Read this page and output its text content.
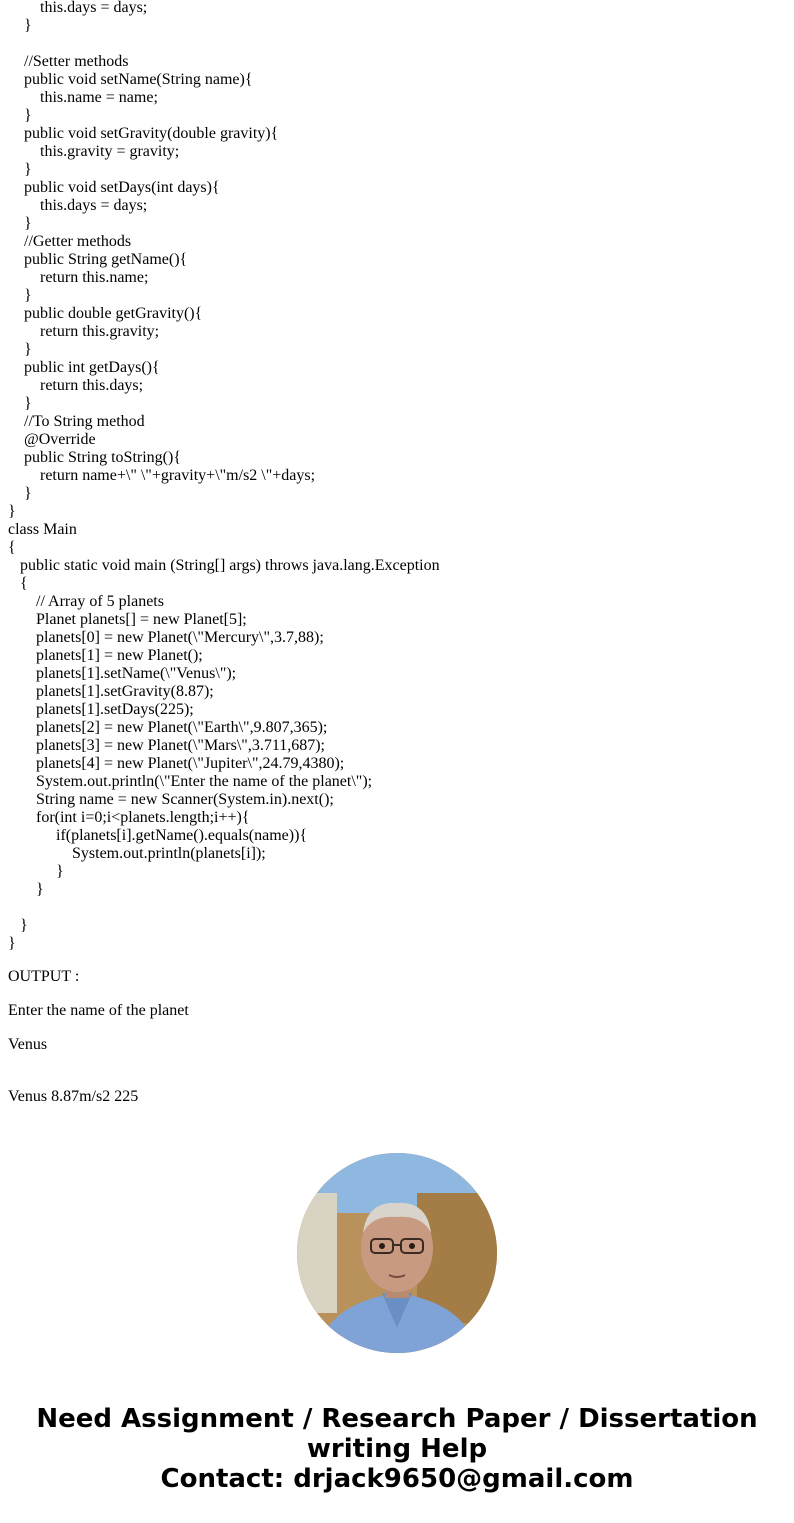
this.days = days;
}
//Setter methods
public void setName(String name){
this.name = name;
}
public void setGravity(double gravity){
this.gravity = gravity;
}
public void setDays(int days){
this.days = days;
}
//Getter methods
public String getName(){
return this.name;
}
public double getGravity(){
return this.gravity;
}
public int getDays(){
return this.days;
}
//To String method
@Override
public String toString(){
return name+\" \"+gravity+\"m/s2 \"+days;
}
}
class Main
{
public static void main (String[] args) throws java.lang.Exception
{
// Array of 5 planets
Planet planets[] = new Planet[5];
planets[0] = new Planet(\"Mercury\",3.7,88);
planets[1] = new Planet();
planets[1].setName(\"Venus\");
planets[1].setGravity(8.87);
planets[1].setDays(225);
planets[2] = new Planet(\"Earth\",9.807,365);
planets[3] = new Planet(\"Mars\",3.711,687);
planets[4] = new Planet(\"Jupiter\",24.79,4380);
System.out.println(\"Enter the name of the planet\");
String name = new Scanner(System.in).next();
for(int i=0;i<planets.length;i++){
if(planets[i].getName().equals(name)){
System.out.println(planets[i]);
}
}
}
}
OUTPUT :
Enter the name of the planet
Venus
Venus 8.87m/s2 225
Need Assignment / Research Paper / Dissertation
writing Help
Contact: drjack9650@gmail.com
